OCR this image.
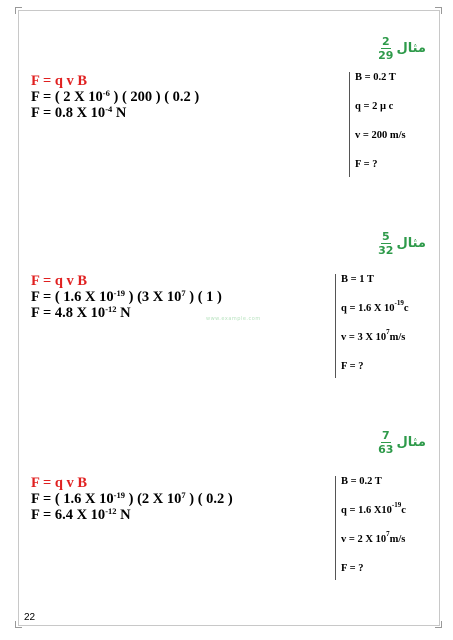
$\frac{2}{29}$ مثال
F = q v B
F = ( 2 X $10^{-6}$ ) ( 200 ) ( 0.2 )
F = 0.8 X $10^{-4}$ N
B = 0.2 T
q = 2 µ c
v = 200 m/s
F = ?
$\frac{5}{32}$ مثال
F = q v B
F = ( 1.6 X $10^{-19}$ ) (3 X $10^7$ ) ( 1 )
F = 4.8 X $10^{-12}$ N
B = 1 T
q = 1.6 X 10 -19 c
v = 3 X 10 7 m/s
F = ?
www.example.com
$\frac{7}{63}$ مثال
F = q v B
F = ( 1.6 X $10^{-19}$ ) (2 X $10^7$ ) ( 0.2 )
F = 6.4 X $10^{-12}$ N
B = 0.2 T
q = 1.6 X10 -19 c
v = 2 X 10 7 m/s
F = ?
22
